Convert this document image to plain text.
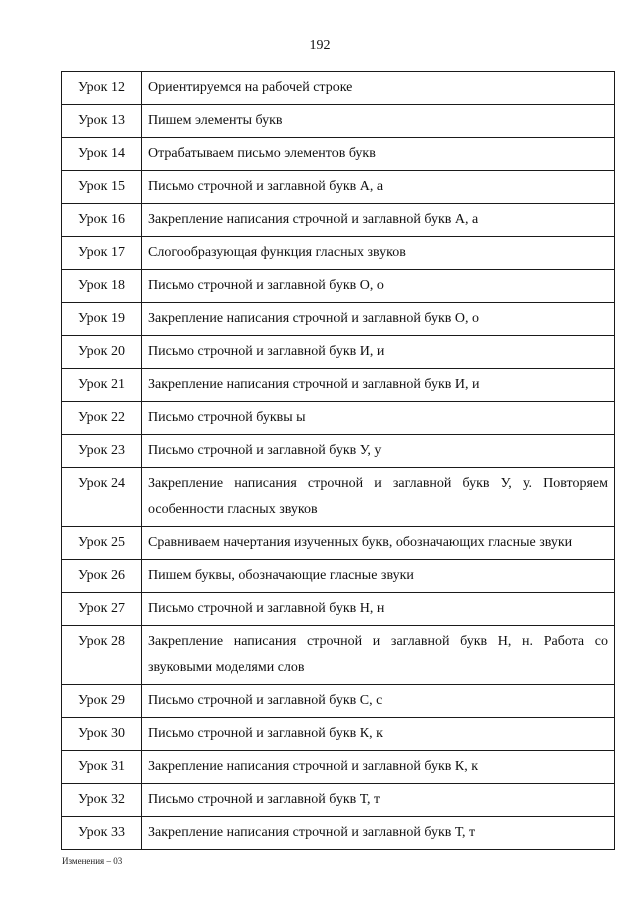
192
Урок 12	Ориентируемся на рабочей строке
Урок 13	Пишем элементы букв
Урок 14	Отрабатываем письмо элементов букв
Урок 15	Письмо строчной и заглавной букв А, а
Урок 16	Закрепление написания строчной и заглавной букв А, а
Урок 17	Слогообразующая функция гласных звуков
Урок 18	Письмо строчной и заглавной букв О, о
Урок 19	Закрепление написания строчной и заглавной букв О, о
Урок 20	Письмо строчной и заглавной букв И, и
Урок 21	Закрепление написания строчной и заглавной букв И, и
Урок 22	Письмо строчной буквы ы
Урок 23	Письмо строчной и заглавной букв У, у
Урок 24	Закрепление написания строчной и заглавной букв У, у. Повторяем особенности гласных звуков
Урок 25	Сравниваем начертания изученных букв, обозначающих гласные звуки
Урок 26	Пишем буквы, обозначающие гласные звуки
Урок 27	Письмо строчной и заглавной букв Н, н
Урок 28	Закрепление написания строчной и заглавной букв Н, н. Работа со звуковыми моделями слов
Урок 29	Письмо строчной и заглавной букв С, с
Урок 30	Письмо строчной и заглавной букв К, к
Урок 31	Закрепление написания строчной и заглавной букв К, к
Урок 32	Письмо строчной и заглавной букв Т, т
Урок 33	Закрепление написания строчной и заглавной букв Т, т
Изменения – 03
